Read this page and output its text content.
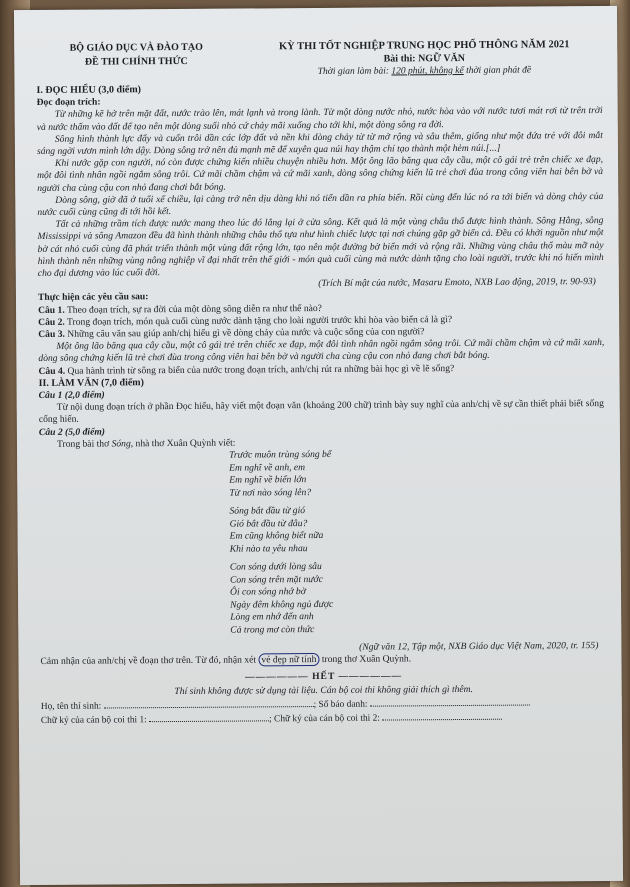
BỘ GIÁO DỤC VÀ ĐÀO TẠO
ĐỀ THI CHÍNH THỨC
KỲ THI TỐT NGHIỆP TRUNG HỌC PHỔ THÔNG NĂM 2021
Bài thi: NGỮ VĂN
Thời gian làm bài: 120 phút, không kể thời gian phát đề

I. ĐỌC HIỂU (3,0 điểm)

Đọc đoạn trích:

Từ những kẽ hở trên mặt đất, nước trào lên, mát lạnh và trong lành. Từ một dòng nước nhỏ, nước hòa vào với nước tươi mát rơi từ trên trời và nước thấm vào đất để tạo nên một dòng suối nhỏ cứ chảy mãi xuống cho tới khi, một dòng sông ra đời.

Sông hình thành lực đẩy và cuốn trôi dần các lớp đất và nền khi dòng chảy từ từ mở rộng và sâu thêm, giống như một đứa trẻ với đôi mắt sáng ngời vươn mình lớn dậy. Dòng sông trở nên đủ mạnh mẽ để xuyên qua núi hay thậm chí tạo thành một hẻm núi.[...]

Khi nước gặp con người, nó còn được chứng kiến nhiều chuyện nhiều hơn. Một ông lão băng qua cây cầu, một cô gái trẻ trên chiếc xe đạp, một đôi tình nhân ngồi ngắm sông trôi. Cứ mãi chầm chậm và cứ mãi xanh, dòng sông chứng kiến lũ trẻ chơi đùa trong công viên hai bên bờ và người cha cùng cậu con nhỏ đang chơi bắt bóng.

Dòng sông, giờ đã ở tuổi xế chiều, lại càng trở nên dịu dàng khi nó tiến dần ra phía biển. Rồi cùng đến lúc nó ra tới biển và dòng chảy của nước cuối cùng cũng đi tới hồi kết.

Tất cả những trầm tích được nước mang theo lúc đó lắng lại ở cửa sông. Kết quả là một vùng châu thổ được hình thành. Sông Hằng, sông Mississippi và sông Amazon đều đã hình thành những châu thổ tựa như hình chiếc lược tại nơi chúng gặp gỡ biển cả. Đều có khởi nguồn như một bờ cát nhỏ cuối cùng đã phát triển thành một vùng đất rộng lớn, tạo nên một đường bờ biển mới và rộng rãi. Những vùng châu thổ màu mỡ này hình thành nên những vùng nông nghiệp vĩ đại nhất trên thế giới - món quà cuối cùng mà nước dành tặng cho loài người, trước khi nó hiến mình cho đại dương vào lúc cuối đời.

(Trích Bí mật của nước, Masaru Emoto, NXB Lao động, 2019, tr. 90-93)

Thực hiện các yêu cầu sau:

Câu 1. Theo đoạn trích, sự ra đời của một dòng sông diễn ra như thế nào?

Câu 2. Trong đoạn trích, món quà cuối cùng nước dành tặng cho loài người trước khi hòa vào biển cả là gì?

Câu 3. Những câu văn sau giúp anh/chị hiểu gì về dòng chảy của nước và cuộc sống của con người?

Một ông lão băng qua cây cầu, một cô gái trẻ trên chiếc xe đạp, một đôi tình nhân ngồi ngắm sông trôi. Cứ mãi chầm chậm và cứ mãi xanh, dòng sông chứng kiến lũ trẻ chơi đùa trong công viên hai bên bờ và người cha cùng cậu con nhỏ đang chơi bắt bóng.

Câu 4. Qua hành trình từ sông ra biển của nước trong đoạn trích, anh/chị rút ra những bài học gì về lẽ sống?

II. LÀM VĂN (7,0 điểm)

Câu 1 (2,0 điểm)

Từ nội dung đoạn trích ở phần Đọc hiểu, hãy viết một đoạn văn (khoảng 200 chữ) trình bày suy nghĩ của anh/chị về sự cần thiết phải biết sống cống hiến.

Câu 2 (5,0 điểm)

Trong bài thơ Sóng, nhà thơ Xuân Quỳnh viết:

Trước muôn trùng sóng bể
Em nghĩ về anh, em
Em nghĩ về biển lớn
Từ nơi nào sóng lên?
Sóng bắt đầu từ gió
Gió bắt đầu từ đâu?
Em cũng không biết nữa
Khi nào ta yêu nhau
Con sóng dưới lòng sâu
Con sóng trên mặt nước
Ôi con sóng nhớ bờ
Ngày đêm không ngủ được
Lòng em nhớ đến anh
Cả trong mơ còn thức

(Ngữ văn 12, Tập một, NXB Giáo dục Việt Nam, 2020, tr. 155)

Cảm nhận của anh/chị về đoạn thơ trên. Từ đó, nhận xét vẻ đẹp nữ tính trong thơ Xuân Quỳnh.

—————— HẾT ——————

Thí sinh không được sử dụng tài liệu. Cán bộ coi thi không giải thích gì thêm.

Họ, tên thí sinh:	; Số báo danh:

Chữ ký của cán bộ coi thi 1:	; Chữ ký của cán bộ coi thi 2:
